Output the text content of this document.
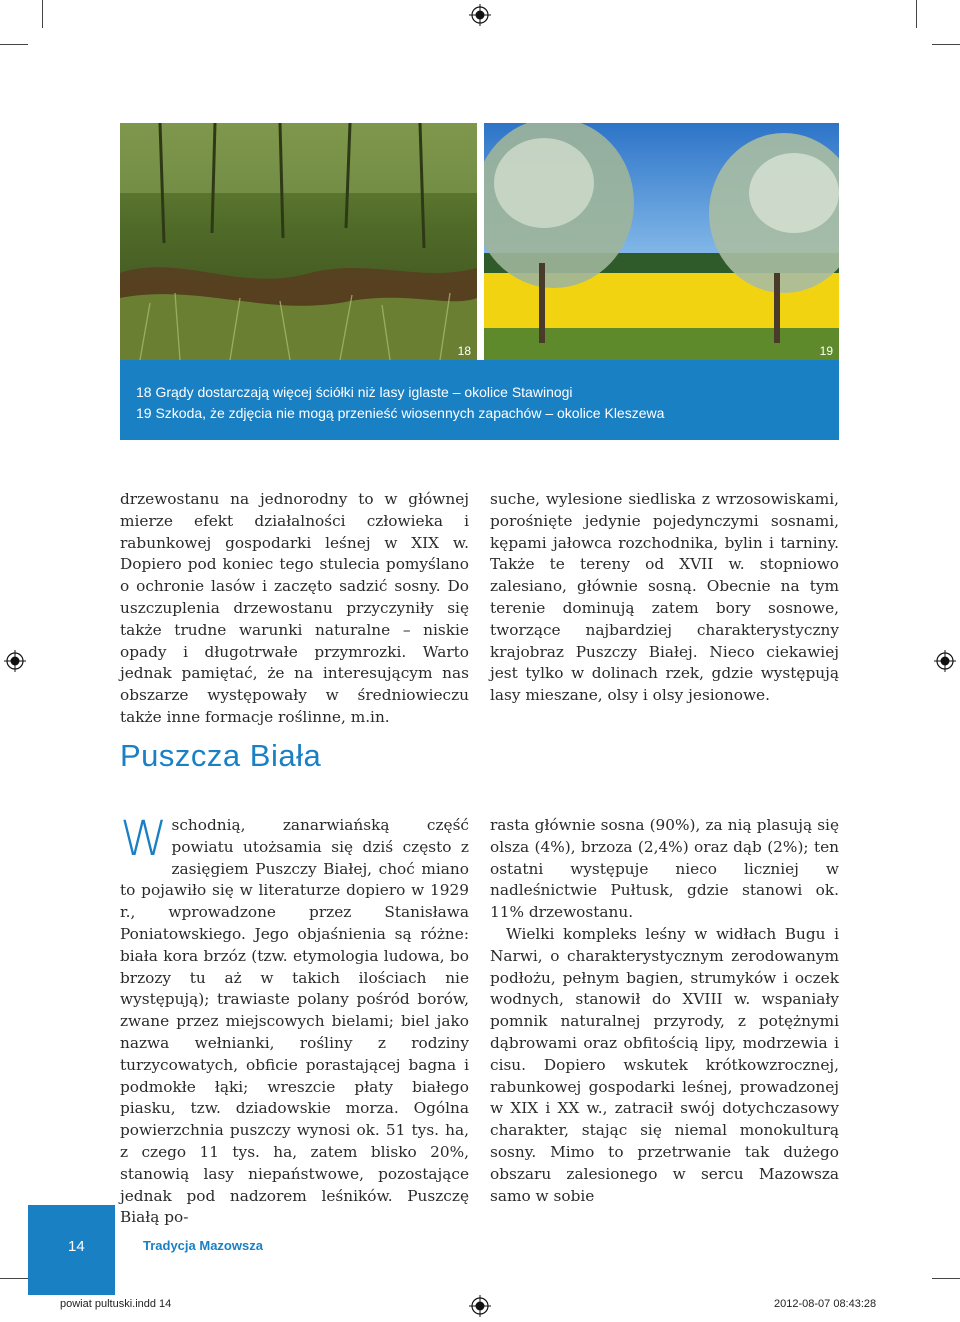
18	19
18 Grądy dostarczają więcej ściółki niż lasy iglaste – okolice Stawinogi
19 Szkoda, że zdjęcia nie mogą przenieść wiosennych zapachów – okolice Kleszewa

drzewostanu na jednorodny to w głównej mierze efekt działalności człowieka i rabunkowej gospodarki leśnej w XIX w. Dopiero pod koniec tego stulecia pomyślano o ochronie lasów i zaczęto sadzić sosny. Do uszczuplenia drzewostanu przyczyniły się także trudne warunki naturalne – niskie opady i długotrwałe przymrozki. Warto jednak pamiętać, że na interesującym nas obszarze występowały w średniowieczu także inne formacje roślinne, m.in.

suche, wylesione siedliska z wrzosowiskami, porośnięte jedynie pojedynczymi sosnami, kępami jałowca rozchodnika, bylin i tarniny. Także te tereny od XVII w. stopniowo zalesiano, głównie sosną. Obecnie na tym terenie dominują zatem bory sosnowe, tworzące najbardziej charakterystyczny krajobraz Puszczy Białej. Nieco ciekawiej jest tylko w dolinach rzek, gdzie występują lasy mieszane, olsy i olsy jesionowe.

Puszcza Biała

Wschodnią, zanarwiańską część powiatu utożsamia się dziś często z zasięgiem Puszczy Białej, choć miano to pojawiło się w literaturze dopiero w 1929 r., wprowadzone przez Stanisława Poniatowskiego. Jego objaśnienia są różne: biała kora brzóz (tzw. etymologia ludowa, bo brzozy tu aż w takich ilościach nie występują); trawiaste polany pośród borów, zwane przez miejscowych bielami; biel jako nazwa wełnianki, rośliny z rodziny turzycowatych, obficie porastającej bagna i podmokłe łąki; wreszcie płaty białego piasku, tzw. dziadowskie morza. Ogólna powierzchnia puszczy wynosi ok. 51 tys. ha, z czego 11 tys. ha, zatem blisko 20%, stanowią lasy niepaństwowe, pozostające jednak pod nadzorem leśników. Puszczę Białą po-

rasta głównie sosna (90%), za nią plasują się olsza (4%), brzoza (2,4%) oraz dąb (2%); ten ostatni występuje nieco liczniej w nadleśnictwie Pułtusk, gdzie stanowi ok. 11% drzewostanu.

Wielki kompleks leśny w widłach Bugu i Narwi, o charakterystycznym zerodowanym podłożu, pełnym bagien, strumyków i oczek wodnych, stanowił do XVIII w. wspaniały pomnik naturalnej przyrody, z potężnymi dąbrowami oraz obfitością lipy, modrzewia i cisu. Dopiero wskutek krótkowzrocznej, rabunkowej gospodarki leśnej, prowadzonej w XIX i XX w., zatracił swój dotychczasowy charakter, stając się niemal monokulturą sosny. Mimo to przetrwanie tak dużego obszaru zalesionego w sercu Mazowsza samo w sobie

14	Tradycja Mazowsza
powiat pultuski.indd 14	2012-08-07 08:43:28
